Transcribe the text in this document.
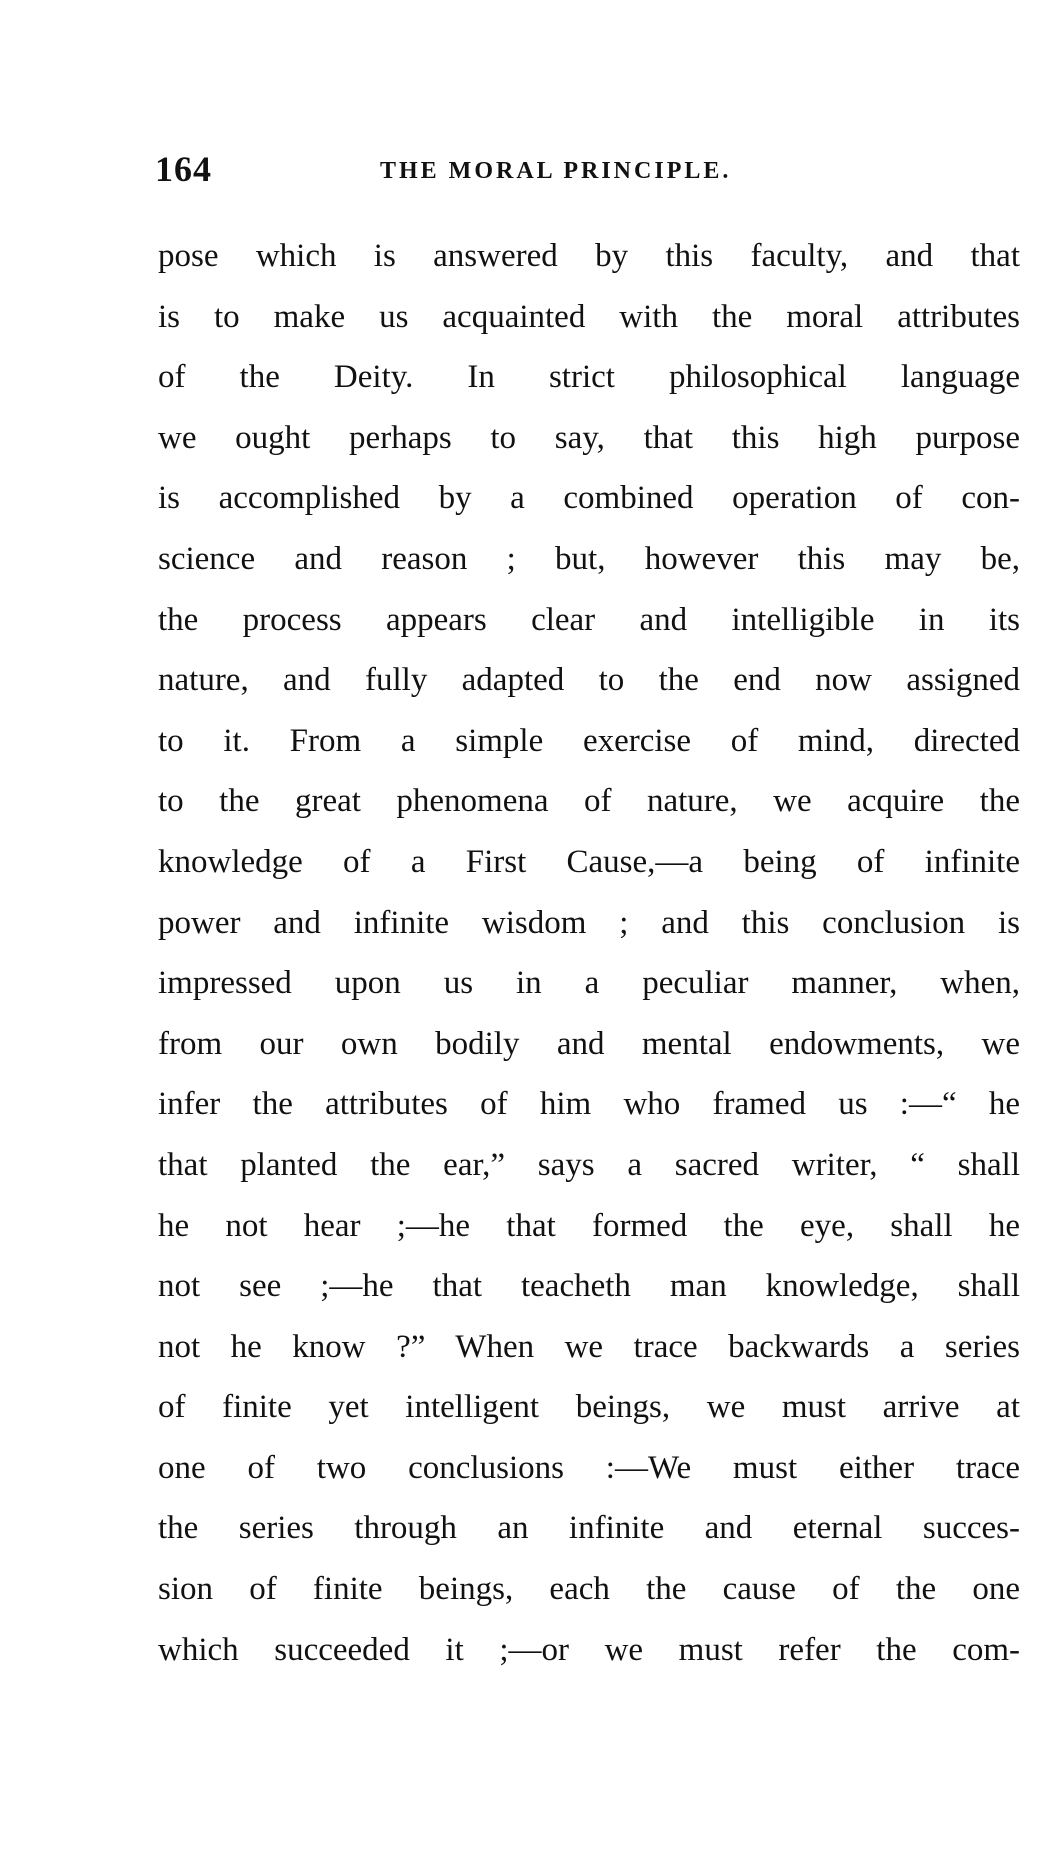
164	THE MORAL PRINCIPLE.
pose which is answered by this faculty, and that
is to make us acquainted with the moral attributes
of the Deity. In strict philosophical language
we ought perhaps to say, that this high purpose
is accomplished by a combined operation of con-
science and reason ; but, however this may be,
the process appears clear and intelligible in its
nature, and fully adapted to the end now assigned
to it. From a simple exercise of mind, directed
to the great phenomena of nature, we acquire the
knowledge of a First Cause,—a being of infinite
power and infinite wisdom ; and this conclusion is
impressed upon us in a peculiar manner, when,
from our own bodily and mental endowments, we
infer the attributes of him who framed us :—“ he
that planted the ear,” says a sacred writer, “ shall
he not hear ;—he that formed the eye, shall he
not see ;—he that teacheth man knowledge, shall
not he know ?” When we trace backwards a series
of finite yet intelligent beings, we must arrive at
one of two conclusions :—We must either trace
the series through an infinite and eternal succes-
sion of finite beings, each the cause of the one
which succeeded it ;—or we must refer the com-
